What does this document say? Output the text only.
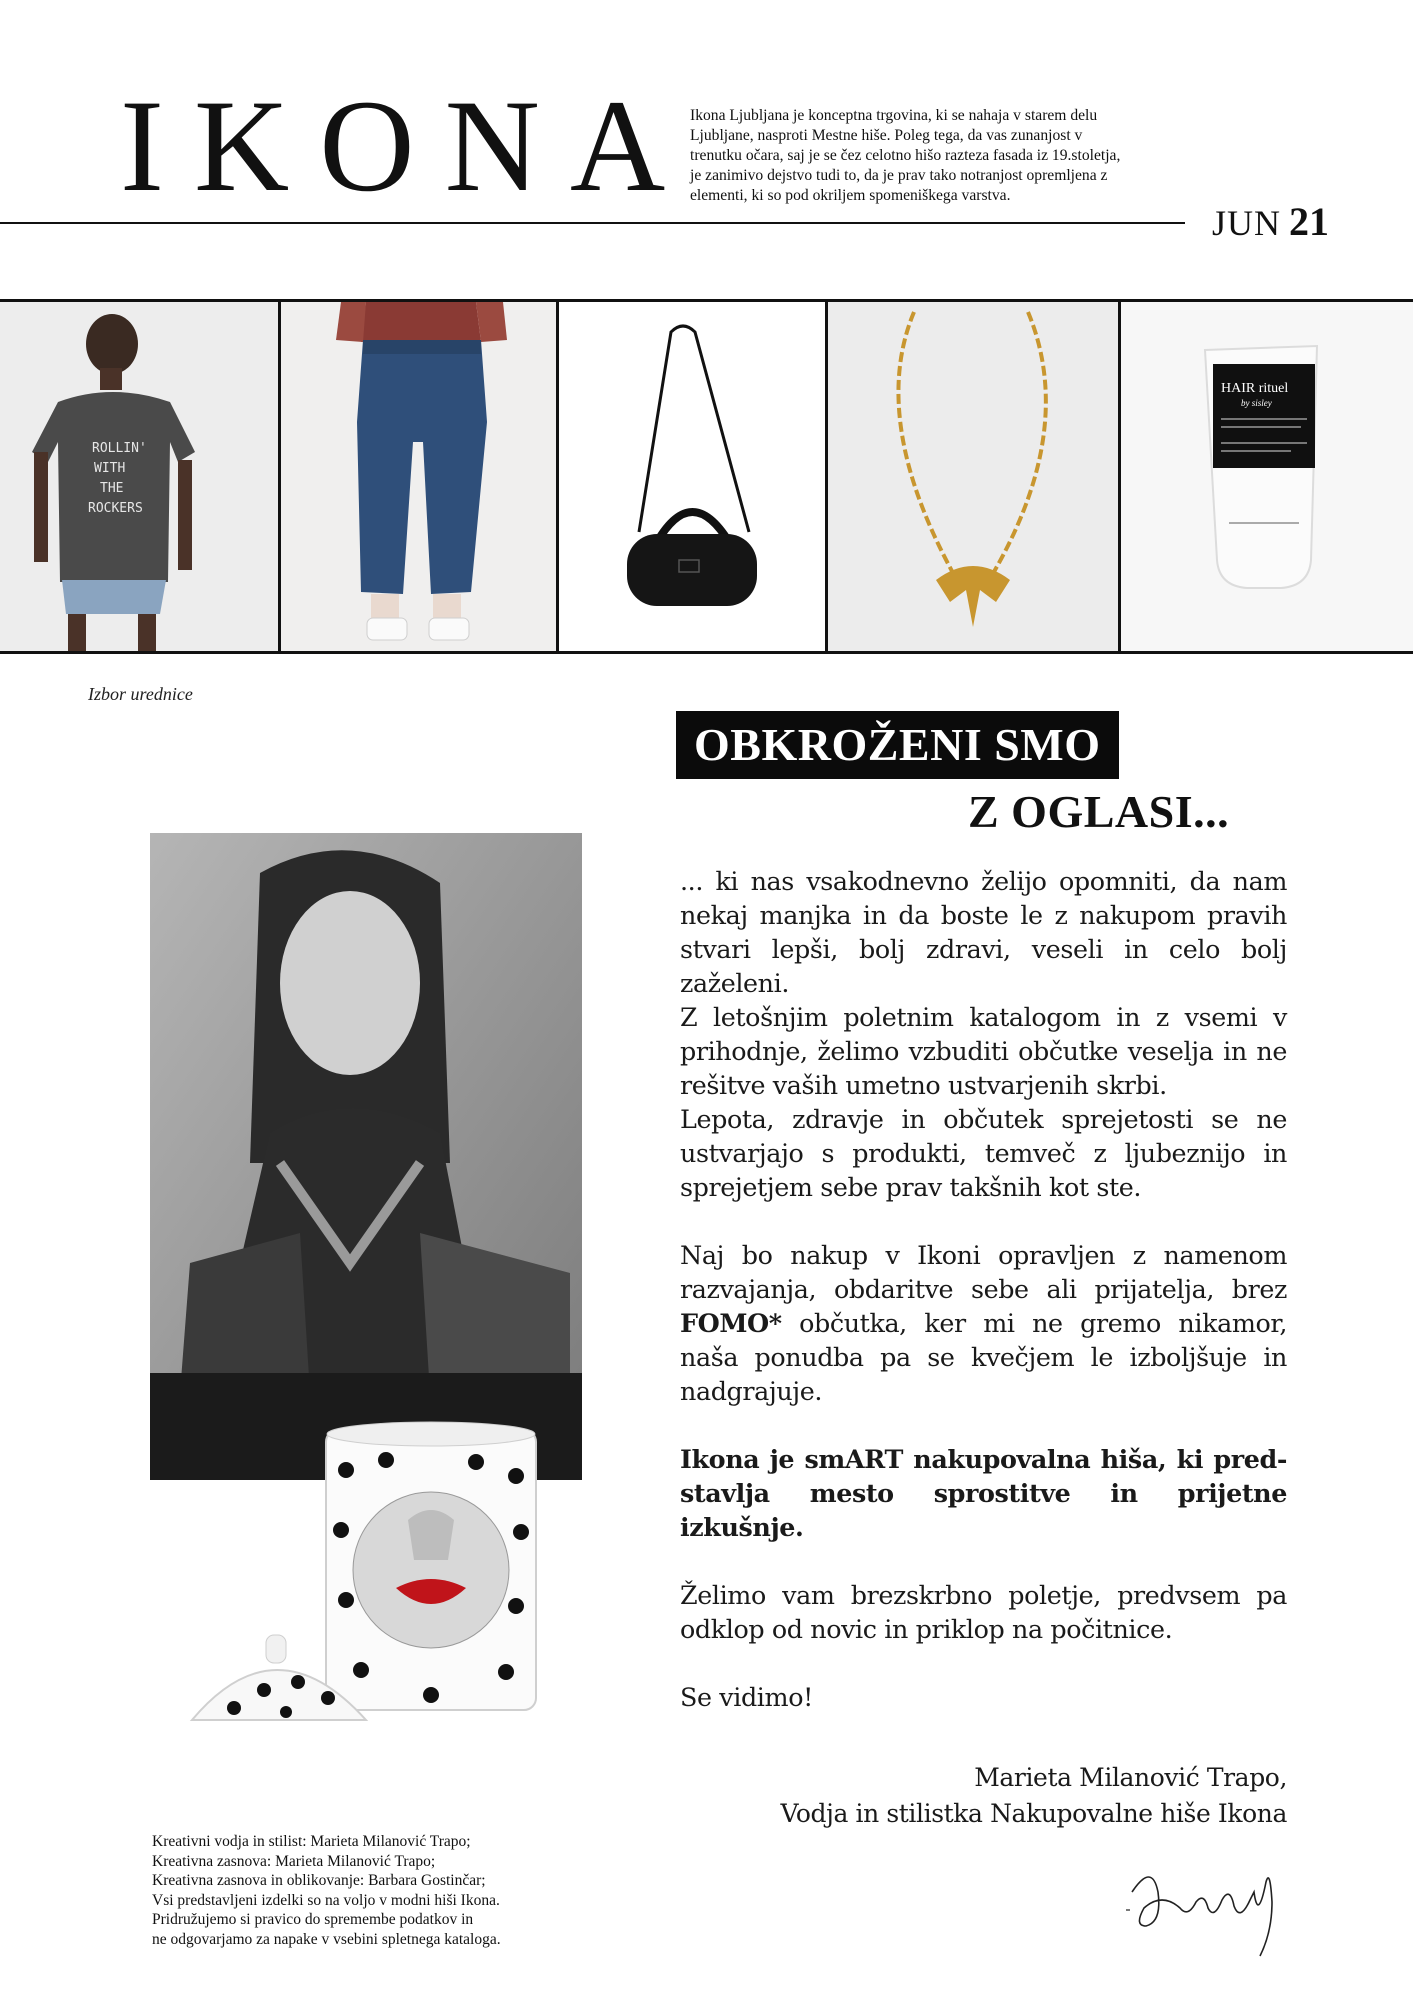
IKONA
Ikona Ljubljana je konceptna trgovina, ki se nahaja v starem delu
Ljubljane, nasproti Mestne hiše. Poleg tega, da vas zunanjost v
trenutku očara, saj je se čez celotno hišo razteza fasada iz 19.stoletja,
je zanimivo dejstvo tudi to, da je prav tako notranjost opremljena z
elementi, ki so pod okriljem spomeniškega varstva.
JUN 21
ROLLIN'
WITH
THE
ROCKERS
HAIR rituel
by sisley
Izbor urednice
OBKROŽENI SMO
Z OGLASI...

... ki nas vsakodnevno želijo opomniti, da nam nekaj manjka in da boste le z nakupom pravih stvari lepši, bolj zdravi, veseli in celo bolj zaželeni.

Z letošnjim poletnim katalogom in z vsemi v prihodnje, želimo vzbuditi občutke veselja in ne rešitve vaših umetno ustvarjenih skrbi.

Lepota, zdravje in občutek sprejetosti se ne ustvarjajo s produkti, temveč z ljubeznijo in sprejetjem sebe prav takšnih kot ste.

Naj bo nakup v Ikoni opravljen z namenom razvajanja, obdaritve sebe ali prijatelja, brez FOMO* občutka, ker mi ne gremo nikamor, naša ponudba pa se kvečjem le izboljšuje in nadgrajuje.

Ikona je smART nakupovalna hiša, ki pred-stavlja mesto sprostitve in prijetne izkušnje.

Želimo vam brezskrbno poletje, predvsem pa odklop od novic in priklop na počitnice.

Se vidimo!

Marieta Milanović Trapo,
Vodja in stilistka Nakupovalne hiše Ikona
Kreativni vodja in stilist: Marieta Milanović Trapo;
Kreativna zasnova: Marieta Milanović Trapo;
Kreativna zasnova in oblikovanje: Barbara Gostinčar;
Vsi predstavljeni izdelki so na voljo v modni hiši Ikona.
Pridružujemo si pravico do spremembe podatkov in
ne odgovarjamo za napake v vsebini spletnega kataloga.
